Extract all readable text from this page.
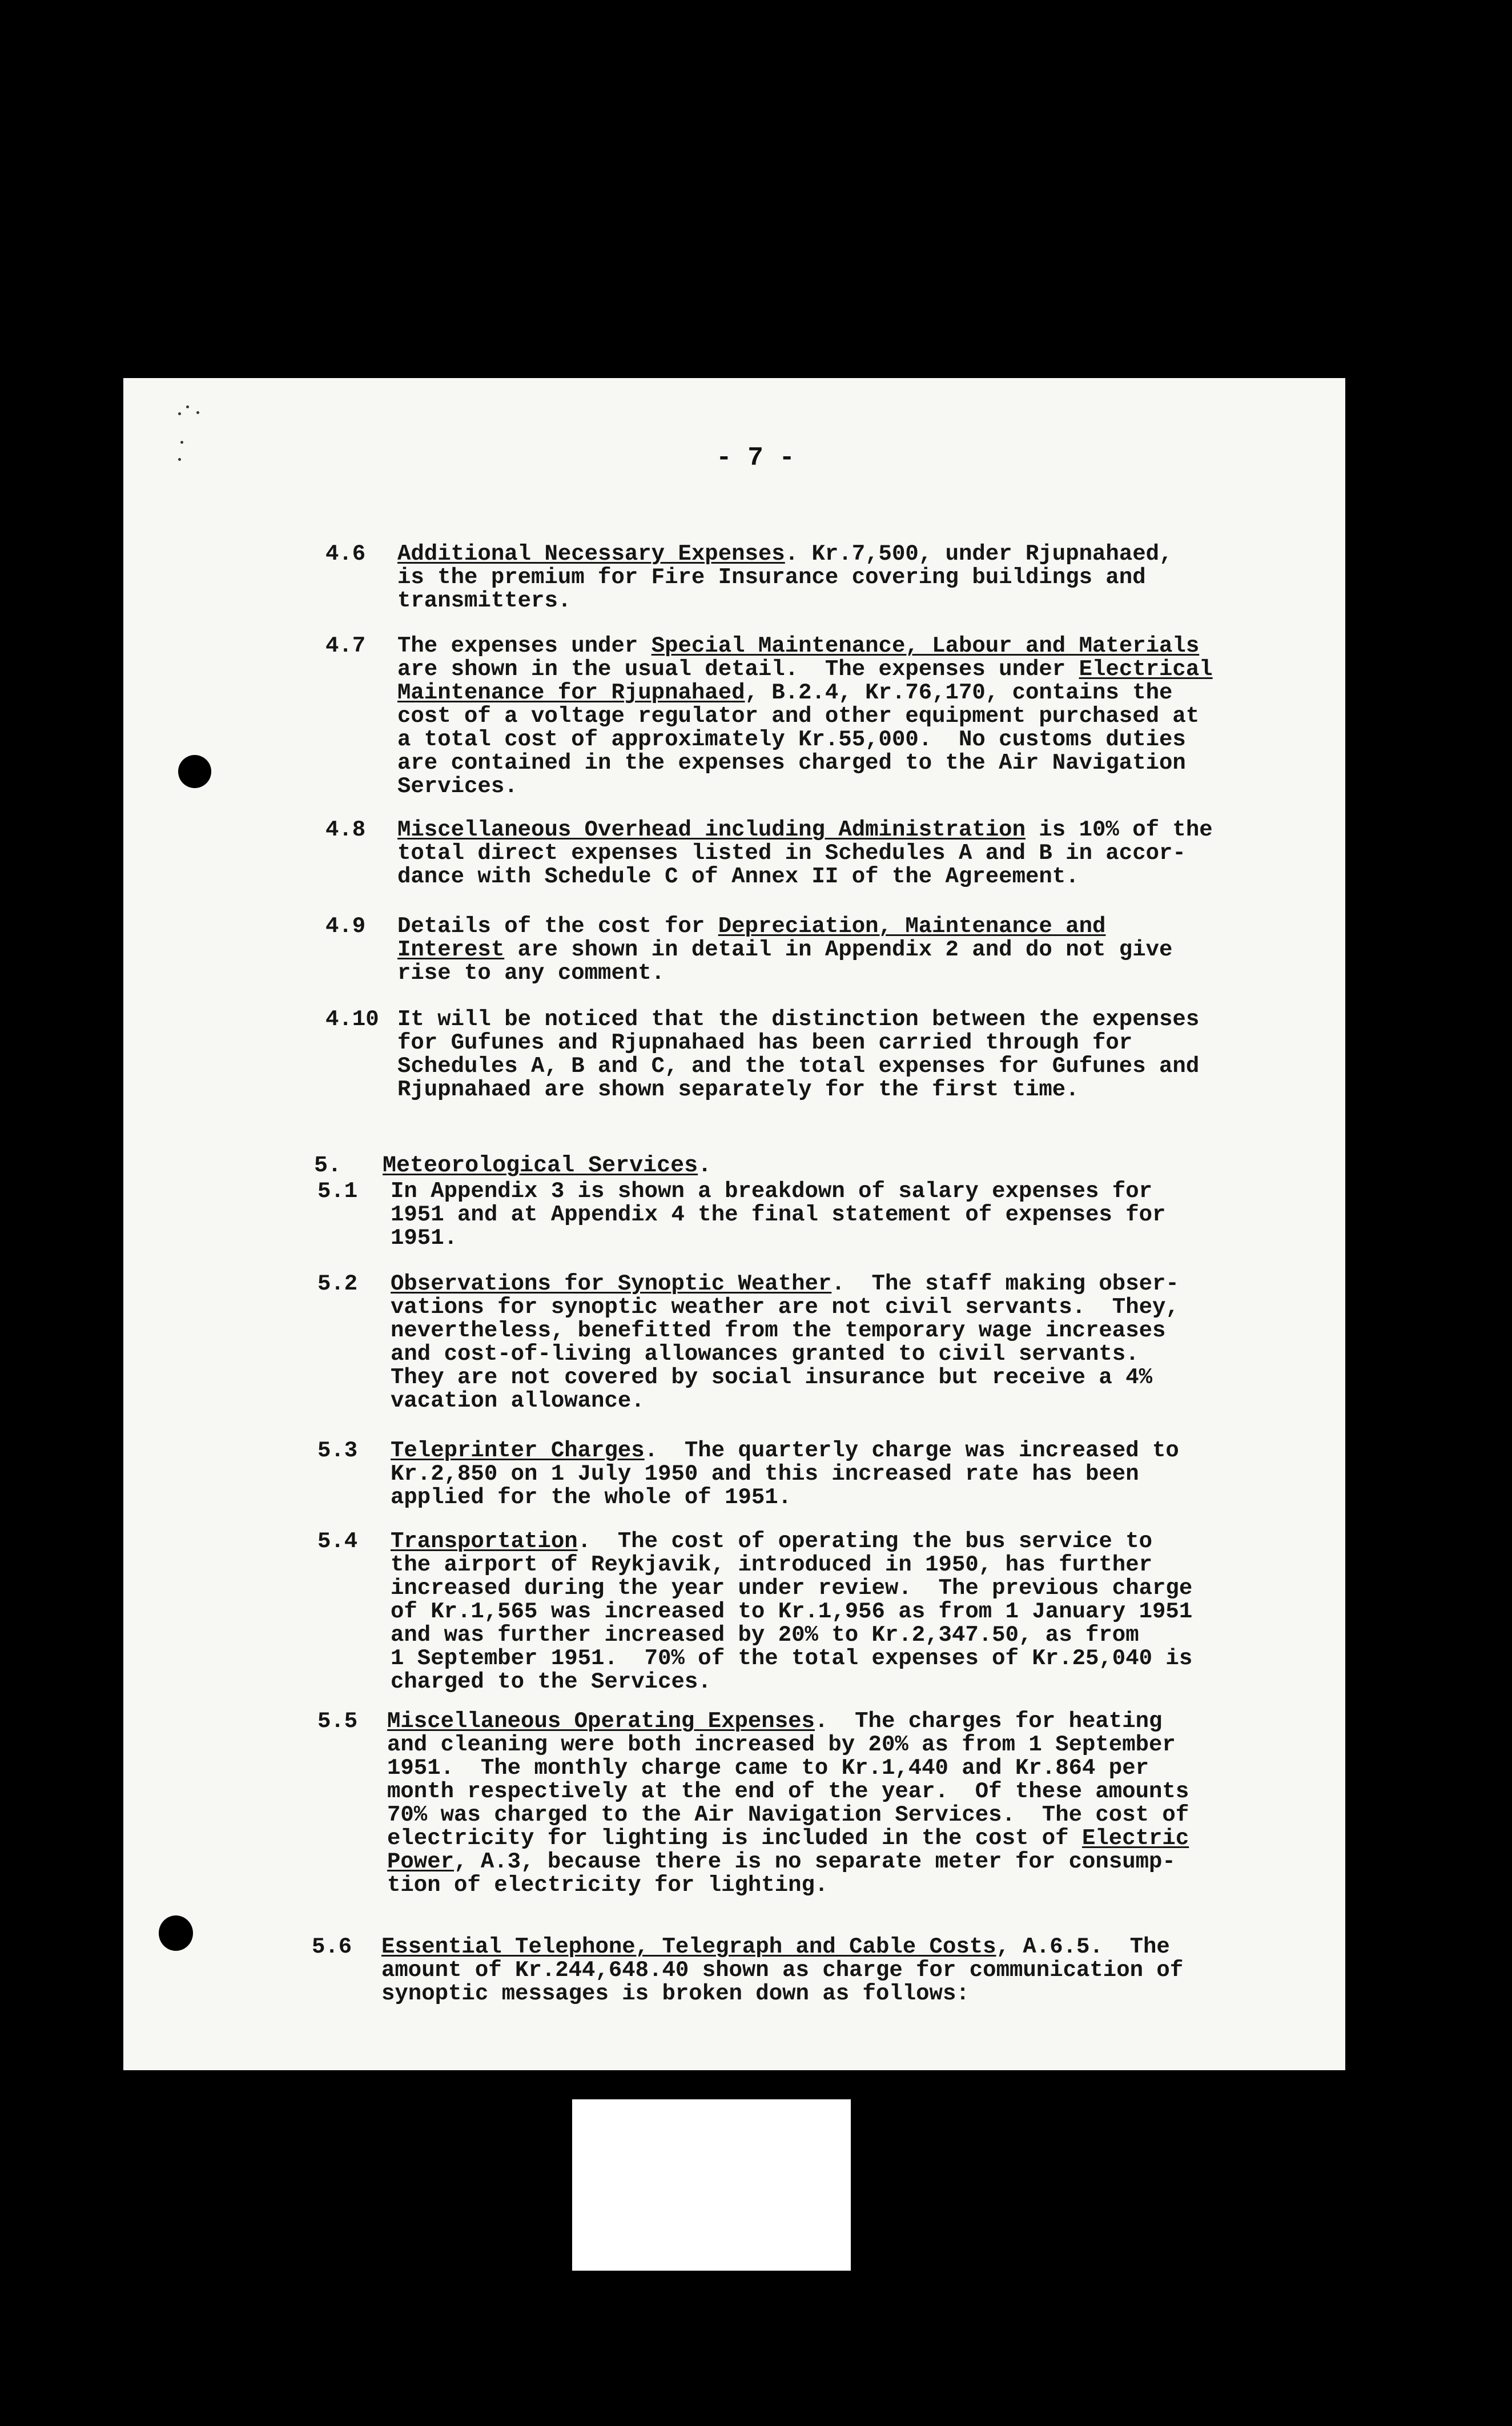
- 7 -

5. Meteorological Services.

4.6 Additional Necessary Expenses. Kr.7,500, under Rjupnahaed,
is the premium for Fire Insurance covering buildings and
transmitters.
4.7 The expenses under Special Maintenance, Labour and Materials
are shown in the usual detail.  The expenses under Electrical
Maintenance for Rjupnahaed, B.2.4, Kr.76,170, contains the
cost of a voltage regulator and other equipment purchased at
a total cost of approximately Kr.55,000.  No customs duties
are contained in the expenses charged to the Air Navigation
Services.
4.8 Miscellaneous Overhead including Administration is 10% of the
total direct expenses listed in Schedules A and B in accor-
dance with Schedule C of Annex II of the Agreement.
4.9 Details of the cost for Depreciation, Maintenance and
Interest are shown in detail in Appendix 2 and do not give
rise to any comment.
4.10 It will be noticed that the distinction between the expenses
for Gufunes and Rjupnahaed has been carried through for
Schedules A, B and C, and the total expenses for Gufunes and
Rjupnahaed are shown separately for the first time.
5.1 In Appendix 3 is shown a breakdown of salary expenses for
1951 and at Appendix 4 the final statement of expenses for
1951.
5.2 Observations for Synoptic Weather.  The staff making obser-
vations for synoptic weather are not civil servants.  They,
nevertheless, benefitted from the temporary wage increases
and cost-of-living allowances granted to civil servants.
They are not covered by social insurance but receive a 4%
vacation allowance.
5.3 Teleprinter Charges.  The quarterly charge was increased to
Kr.2,850 on 1 July 1950 and this increased rate has been
applied for the whole of 1951.
5.4 Transportation.  The cost of operating the bus service to
the airport of Reykjavik, introduced in 1950, has further
increased during the year under review.  The previous charge
of Kr.1,565 was increased to Kr.1,956 as from 1 January 1951
and was further increased by 20% to Kr.2,347.50, as from
1 September 1951.  70% of the total expenses of Kr.25,040 is
charged to the Services.
5.5 Miscellaneous Operating Expenses.  The charges for heating
and cleaning were both increased by 20% as from 1 September
1951.  The monthly charge came to Kr.1,440 and Kr.864 per
month respectively at the end of the year.  Of these amounts
70% was charged to the Air Navigation Services.  The cost of
electricity for lighting is included in the cost of Electric
Power, A.3, because there is no separate meter for consump-
tion of electricity for lighting.
5.6 Essential Telephone, Telegraph and Cable Costs, A.6.5.  The
amount of Kr.244,648.40 shown as charge for communication of
synoptic messages is broken down as follows:
